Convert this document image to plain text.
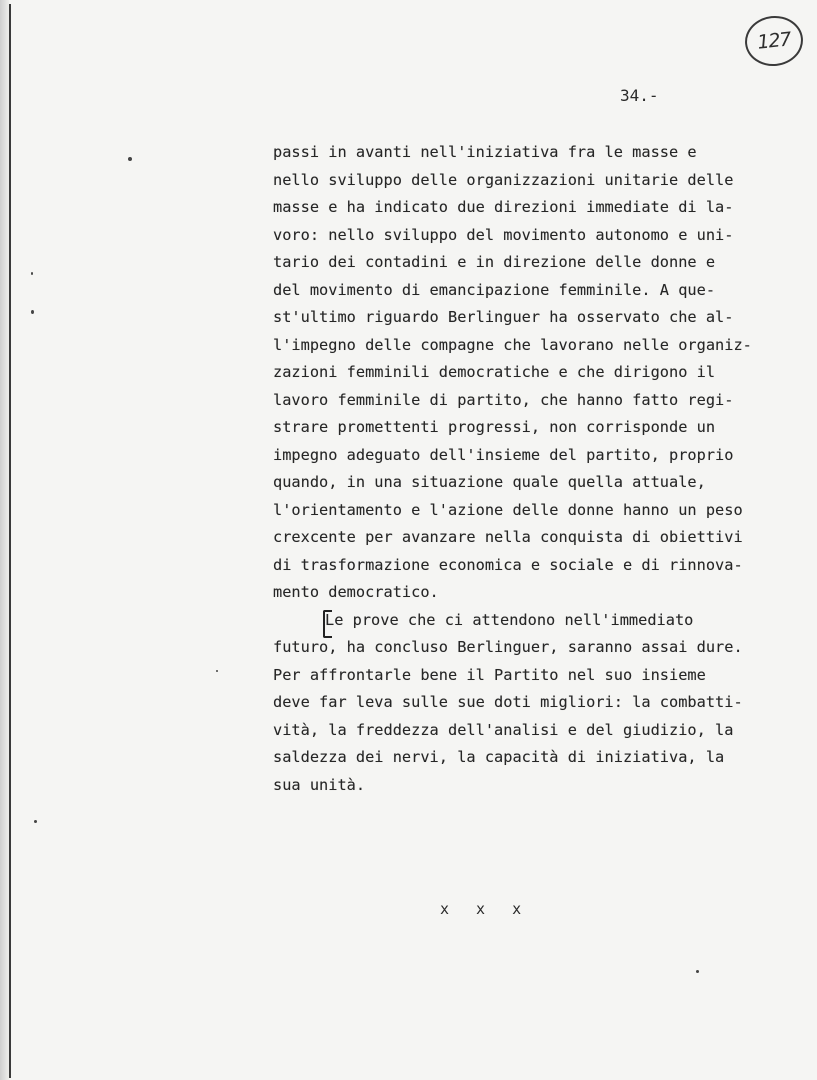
127
34.-
passi in avanti nell'iniziativa fra le masse e
nello sviluppo delle organizzazioni unitarie delle
masse e ha indicato due direzioni immediate di la-
voro: nello sviluppo del movimento autonomo e uni-
tario dei contadini e in direzione delle donne e
del movimento di emancipazione femminile. A que-
st'ultimo riguardo Berlinguer ha osservato che al-
l'impegno delle compagne che lavorano nelle organiz-
zazioni femminili democratiche e che dirigono il
lavoro femminile di partito, che hanno fatto regi-
strare promettenti progressi, non corrisponde un
impegno adeguato dell'insieme del partito, proprio
quando, in una situazione quale quella attuale,
l'orientamento e l'azione delle donne hanno un peso
crexcente per avanzare nella conquista di obiettivi
di trasformazione economica e sociale e di rinnova-
mento democratico.
Le prove che ci attendono nell'immediato
futuro, ha concluso Berlinguer, saranno assai dure.
Per affrontarle bene il Partito nel suo insieme
deve far leva sulle sue doti migliori: la combatti-
vità, la freddezza dell'analisi e del giudizio, la
saldezza dei nervi, la capacità di iniziativa, la
sua unità.
x x x
